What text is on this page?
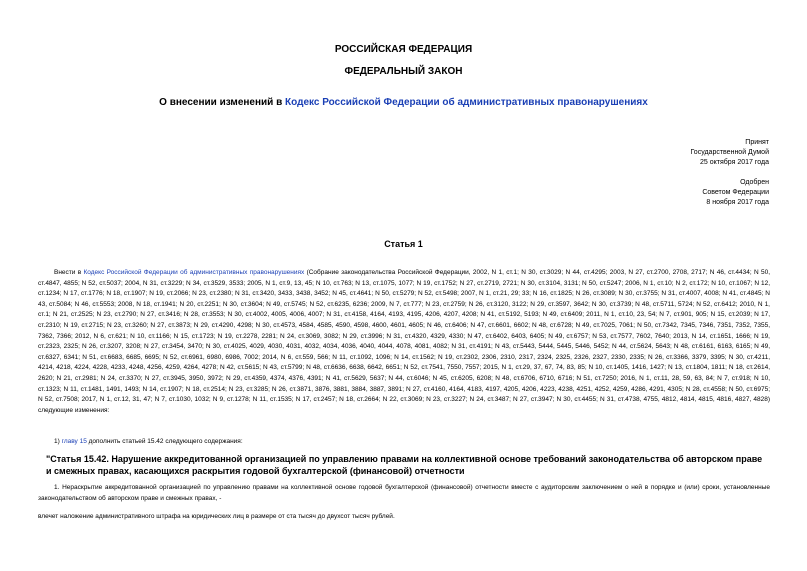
РОССИЙСКАЯ ФЕДЕРАЦИЯ
ФЕДЕРАЛЬНЫЙ ЗАКОН
О внесении изменений в Кодекс Российской Федерации об административных правонарушениях
Принят
Государственной Думой
25 октября 2017 года
Одобрен
Советом Федерации
8 ноября 2017 года
Статья 1
Внести в Кодекс Российской Федерации об административных правонарушениях (Собрание законодательства Российской Федерации, 2002, N 1, ст.1; N 30, ст.3029; N 44, ст.4295; 2003, N 27, ст.2700, 2708, 2717; N 46, ст.4434; N 50, ст.4847, 4855; N 52, ст.5037; 2004, N 31, ст.3229; N 34, ст.3529, 3533; 2005, N 1, ст.9, 13, 45; N 10, ст.763; N 13, ст.1075, 1077; N 19, ст.1752; N 27, ст.2719, 2721; N 30, ст.3104, 3131; N 50, ст.5247; 2006, N 1, ст.10; N 2, ст.172; N 10, ст.1067; N 12, ст.1234; N 17, ст.1776; N 18, ст.1907; N 19, ст.2066; N 23, ст.2380; N 31, ст.3420, 3433, 3438, 3452; N 45, ст.4641; N 50, ст.5279; N 52, ст.5498; 2007, N 1, ст.21, 29; 33; N 16, ст.1825; N 26, ст.3089; N 30, ст.3755; N 31, ст.4007, 4008; N 41, ст.4845; N 43, ст.5084; N 46, ст.5553; 2008, N 18, ст.1941; N 20, ст.2251; N 30, ст.3604; N 49, ст.5745; N 52, ст.6235, 6236; 2009, N 7, ст.777; N 23, ст.2759; N 26, ст.3120, 3122; N 29, ст.3597, 3642; N 30, ст.3739; N 48, ст.5711, 5724; N 52, ст.6412; 2010, N 1, ст.1; N 21, ст.2525; N 23, ст.2790; N 27, ст.3416; N 28, ст.3553; N 30, ст.4002, 4005, 4006, 4007; N 31, ст.4158, 4164, 4193, 4195, 4206, 4207, 4208; N 41, ст.5192, 5193; N 49, ст.6409; 2011, N 1, ст.10, 23, 54; N 7, ст.901, 905; N 15, ст.2039; N 17, ст.2310; N 19, ст.2715; N 23, ст.3260; N 27, ст.3873; N 29, ст.4290, 4298; N 30, ст.4573, 4584, 4585, 4590, 4598, 4600, 4601, 4605; N 46, ст.6406; N 47, ст.6601, 6602; N 48, ст.6728; N 49, ст.7025, 7061; N 50, ст.7342, 7345, 7346, 7351, 7352, 7355, 7362, 7366; 2012, N 6, ст.621; N 10, ст.1166; N 15, ст.1723; N 19, ст.2278, 2281; N 24, ст.3069, 3082; N 29, ст.3996; N 31, ст.4320, 4329, 4330; N 47, ст.6402, 6403, 6405; N 49, ст.6757; N 53, ст.7577, 7602, 7640; 2013, N 14, ст.1651, 1666; N 19, ст.2323, 2325; N 26, ст.3207, 3208; N 27, ст.3454, 3470; N 30, ст.4025, 4029, 4030, 4031, 4032, 4034, 4036, 4040, 4044, 4078, 4081, 4082; N 31, ст.4191; N 43, ст.5443, 5444, 5445, 5446, 5452; N 44, ст.5624, 5643; N 48, ст.6161, 6163, 6165; N 49, ст.6327, 6341; N 51, ст.6683, 6685, 6695; N 52, ст.6961, 6980, 6986, 7002; 2014, N 6, ст.559, 566; N 11, ст.1092, 1096; N 14, ст.1562; N 19, ст.2302, 2306, 2310, 2317, 2324, 2325, 2326, 2327, 2330, 2335; N 26, ст.3366, 3379, 3395; N 30, ст.4211, 4214, 4218, 4224, 4228, 4233, 4248, 4256, 4259, 4264, 4278; N 42, ст.5615; N 43, ст.5799; N 48, ст.6636, 6638, 6642, 6651; N 52, ст.7541, 7550, 7557; 2015, N 1, ст.29, 37, 67, 74, 83, 85; N 10, ст.1405, 1416, 1427; N 13, ст.1804, 1811; N 18, ст.2614, 2620; N 21, ст.2981; N 24, ст.3370; N 27, ст.3945, 3950, 3972; N 29, ст.4359, 4374, 4376, 4391; N 41, ст.5629, 5637; N 44, ст.6046; N 45, ст.6205, 6208; N 48, ст.6706, 6710, 6716; N 51, ст.7250; 2016, N 1, ст.11, 28, 59, 63, 84; N 7, ст.918; N 10, ст.1323; N 11, ст.1481, 1491, 1493; N 14, ст.1907; N 18, ст.2514; N 23, ст.3285; N 26, ст.3871, 3876, 3881, 3884, 3887, 3891; N 27, ст.4160, 4164, 4183, 4197, 4205, 4206, 4223, 4238, 4251, 4252, 4259, 4286, 4291, 4305; N 28, ст.4558; N 50, ст.6975; N 52, ст.7508; 2017, N 1, ст.12, 31, 47; N 7, ст.1030, 1032; N 9, ст.1278; N 11, ст.1535; N 17, ст.2457; N 18, ст.2664; N 22, ст.3069; N 23, ст.3227; N 24, ст.3487; N 27, ст.3947; N 30, ст.4455; N 31, ст.4738, 4755, 4812, 4814, 4815, 4816, 4827, 4828) следующие изменения:
1) главу 15 дополнить статьей 15.42 следующего содержания:
"Статья 15.42. Нарушение аккредитованной организацией по управлению правами на коллективной основе требований законодательства об авторском праве и смежных правах, касающихся раскрытия годовой бухгалтерской (финансовой) отчетности
1. Нераскрытие аккредитованной организацией по управлению правами на коллективной основе годовой бухгалтерской (финансовой) отчетности вместе с аудиторским заключением о ней в порядке и (или) сроки, установленные законодательством об авторском праве и смежных правах, -
влечет наложение административного штрафа на юридических лиц в размере от ста тысяч до двухсот тысяч рублей.
